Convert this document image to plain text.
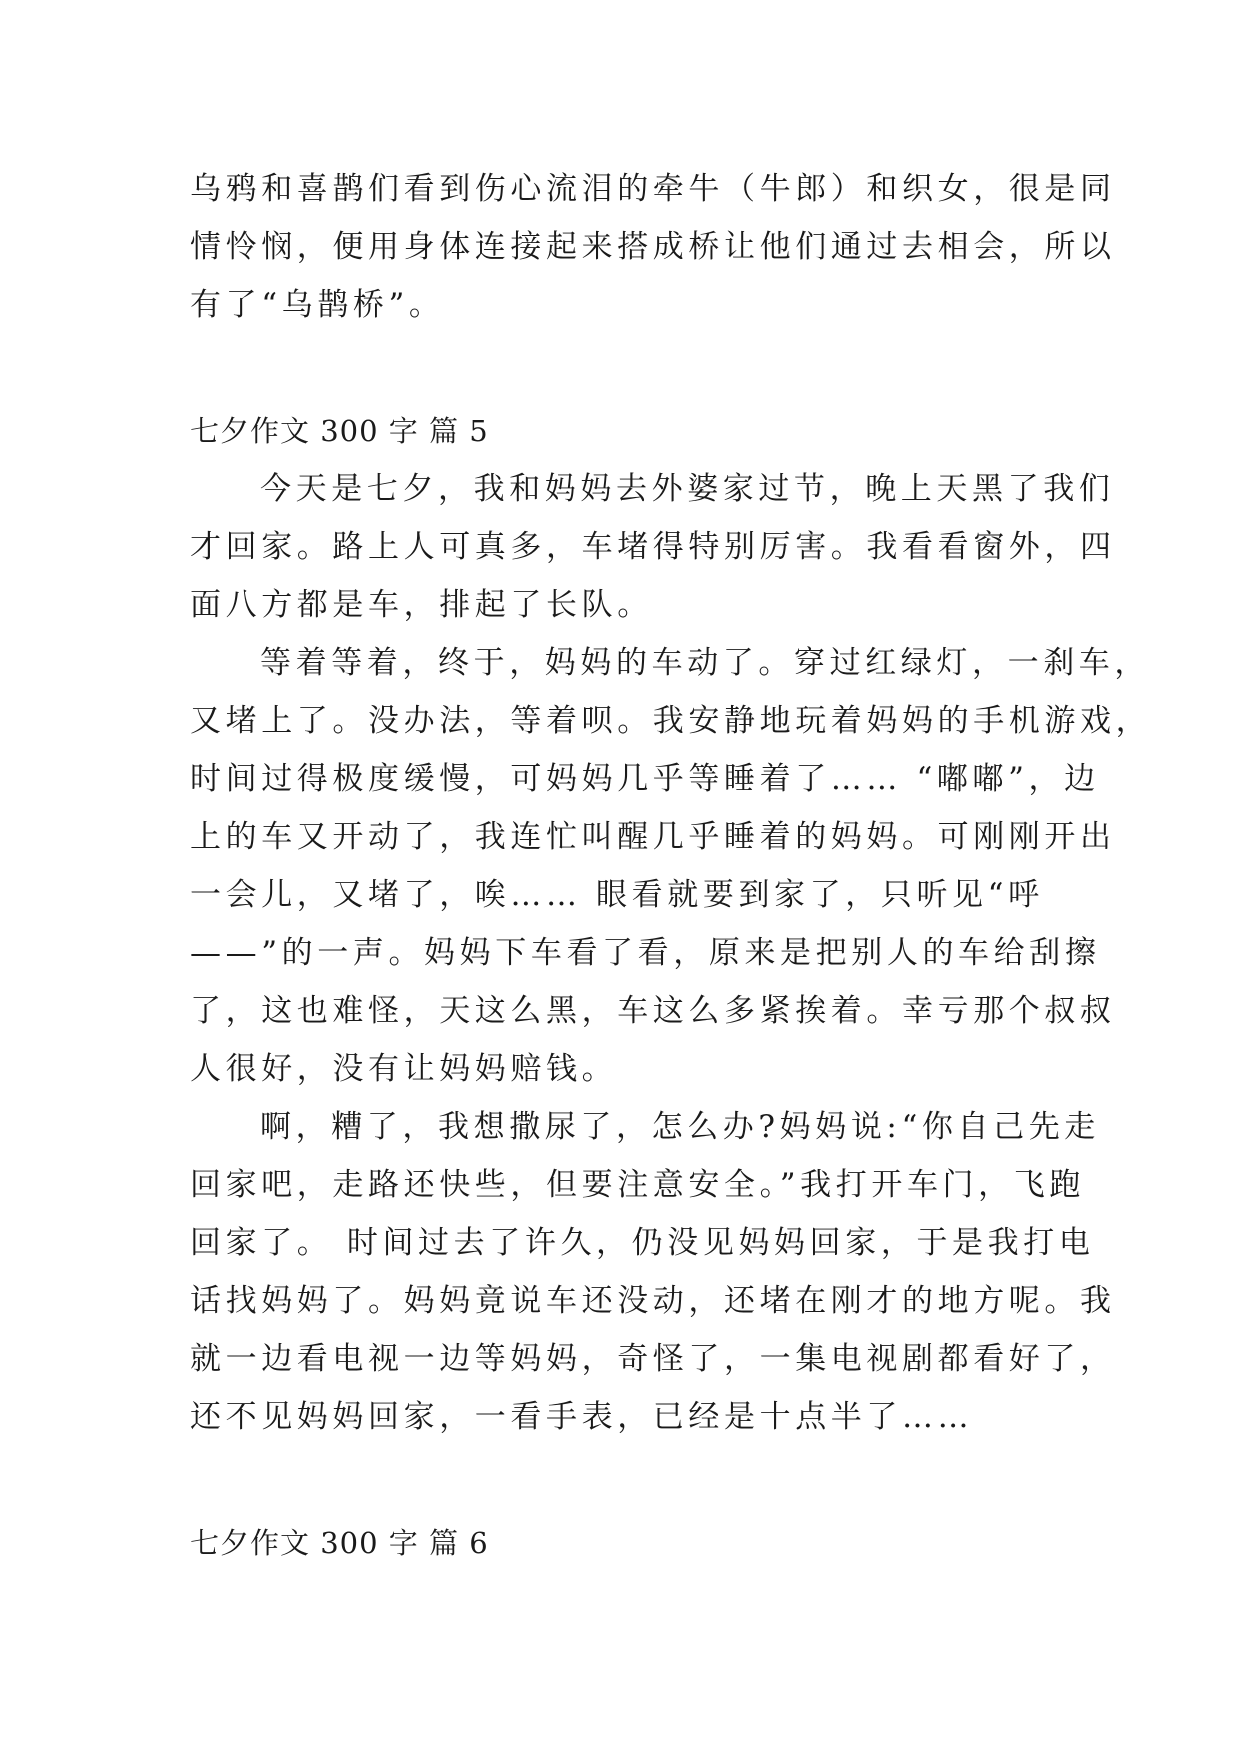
乌鸦和喜鹊们看到伤心流泪的牵牛（牛郎）和织女，很是同
情怜悯，便用身体连接起来搭成桥让他们通过去相会，所以
有了“乌鹊桥”。
七夕作文 300 字 篇 5
今天是七夕，我和妈妈去外婆家过节，晚上天黑了我们
才回家。路上人可真多，车堵得特别厉害。我看看窗外，四
面八方都是车，排起了长队。
等着等着，终于，妈妈的车动了。穿过红绿灯，一刹车，
又堵上了。没办法，等着呗。我安静地玩着妈妈的手机游戏，
时间过得极度缓慢，可妈妈几乎等睡着了…… “嘟嘟”，边
上的车又开动了，我连忙叫醒几乎睡着的妈妈。可刚刚开出
一会儿，又堵了，唉…… 眼看就要到家了，只听见“呼
——”的一声。妈妈下车看了看，原来是把别人的车给刮擦
了，这也难怪，天这么黑，车这么多紧挨着。幸亏那个叔叔
人很好，没有让妈妈赔钱。
啊，糟了，我想撒尿了，怎么办?妈妈说:“你自己先走
回家吧，走路还快些，但要注意安全。”我打开车门，飞跑
回家了。 时间过去了许久，仍没见妈妈回家，于是我打电
话找妈妈了。妈妈竟说车还没动，还堵在刚才的地方呢。我
就一边看电视一边等妈妈，奇怪了，一集电视剧都看好了，
还不见妈妈回家，一看手表，已经是十点半了……
七夕作文 300 字 篇 6
